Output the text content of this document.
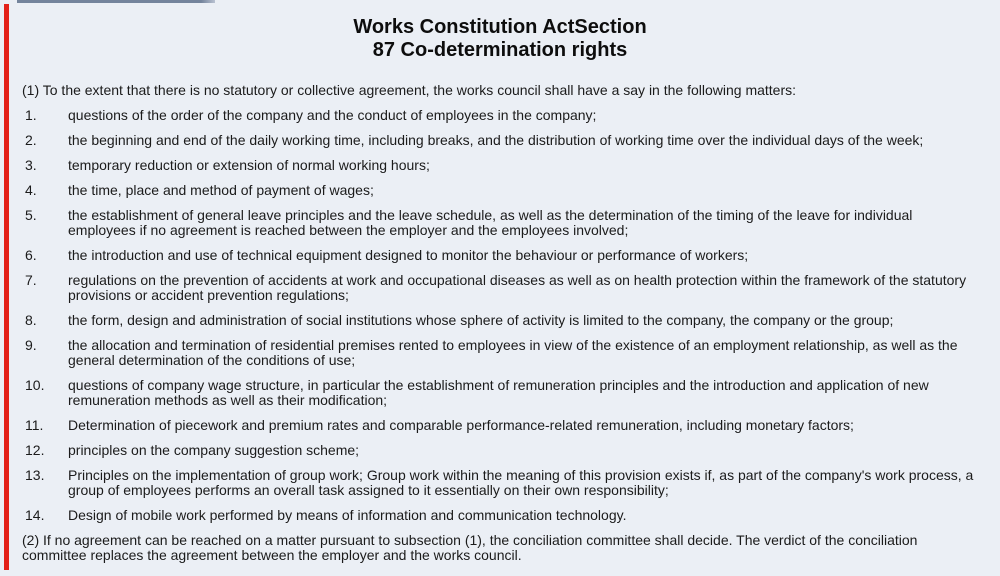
Works Constitution ActSection
87 Co-determination rights

(1) To the extent that there is no statutory or collective agreement, the works council shall have a say in the following matters:

1. questions of the order of the company and the conduct of employees in the company;
2. the beginning and end of the daily working time, including breaks, and the distribution of working time over the individual days of the week;
3. temporary reduction or extension of normal working hours;
4. the time, place and method of payment of wages;
5. the establishment of general leave principles and the leave schedule, as well as the determination of the timing of the leave for individual employees if no agreement is reached between the employer and the employees involved;
6. the introduction and use of technical equipment designed to monitor the behaviour or performance of workers;
7. regulations on the prevention of accidents at work and occupational diseases as well as on health protection within the framework of the statutory provisions or accident prevention regulations;
8. the form, design and administration of social institutions whose sphere of activity is limited to the company, the company or the group;
9. the allocation and termination of residential premises rented to employees in view of the existence of an employment relationship, as well as the general determination of the conditions of use;
10. questions of company wage structure, in particular the establishment of remuneration principles and the introduction and application of new remuneration methods as well as their modification;
11. Determination of piecework and premium rates and comparable performance-related remuneration, including monetary factors;
12. principles on the company suggestion scheme;
13. Principles on the implementation of group work; Group work within the meaning of this provision exists if, as part of the company's work process, a group of employees performs an overall task assigned to it essentially on their own responsibility;
14. Design of mobile work performed by means of information and communication technology.

(2) If no agreement can be reached on a matter pursuant to subsection (1), the conciliation committee shall decide. The verdict of the conciliation committee replaces the agreement between the employer and the works council.
